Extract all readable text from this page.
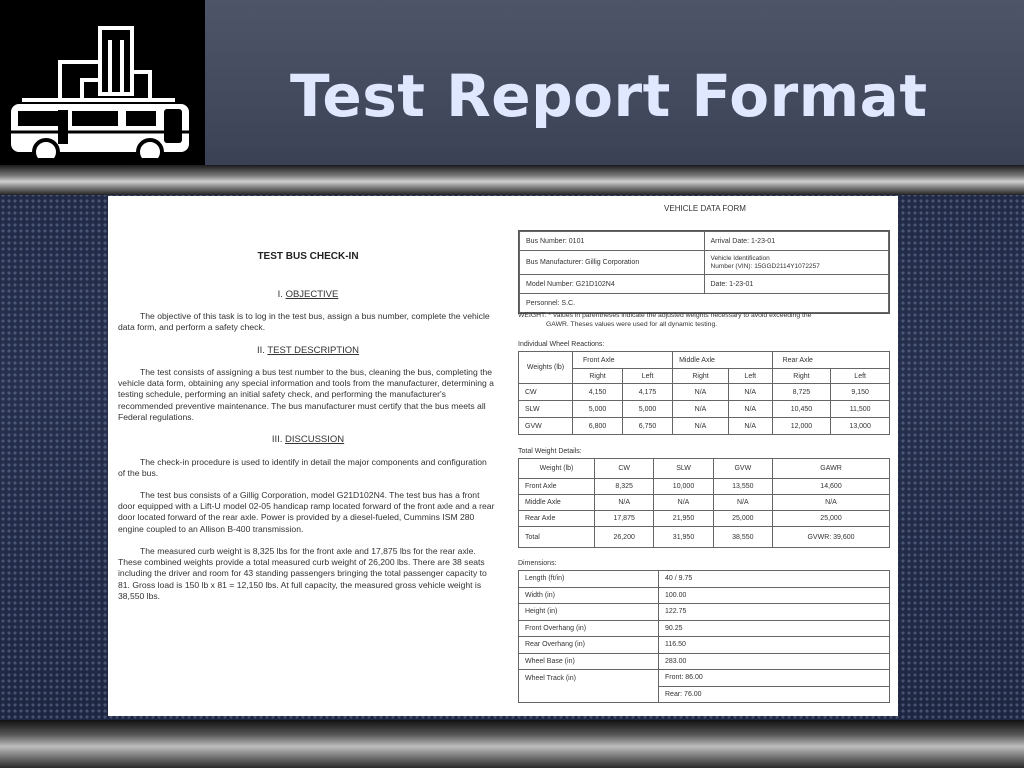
Test Report Format
TEST BUS CHECK-IN
I. OBJECTIVE
The objective of this task is to log in the test bus, assign a bus number, complete the vehicle data form, and perform a safety check.
II. TEST DESCRIPTION
The test consists of assigning a bus test number to the bus, cleaning the bus, completing the vehicle data form, obtaining any special information and tools from the manufacturer, determining a testing schedule, performing an initial safety check, and performing the manufacturer's recommended preventive maintenance. The bus manufacturer must certify that the bus meets all Federal regulations.
III. DISCUSSION
The check-in procedure is used to identify in detail the major components and configuration of the bus.
The test bus consists of a Gillig Corporation, model G21D102N4. The test bus has a front door equipped with a Lift-U model 02-05 handicap ramp located forward of the front axle and a rear door located forward of the rear axle. Power is provided by a diesel-fueled, Cummins ISM 280 engine coupled to an Allison B-400 transmission.
The measured curb weight is 8,325 lbs for the front axle and 17,875 lbs for the rear axle. These combined weights provide a total measured curb weight of 26,200 lbs. There are 38 seats including the driver and room for 43 standing passengers bringing the total passenger capacity to 81. Gross load is 150 lb x 81 = 12,150 lbs. At full capacity, the measured gross vehicle weight is 38,550 lbs.
VEHICLE DATA FORM
Bus Number: 0101	Arrival Date: 1-23-01
Bus Manufacturer: Gillig Corporation	Vehicle Identification
Number (VIN): 15GGD2114Y1072257

Model Number: G21D102N4	Date: 1-23-01
Personnel: S.C.	
WEIGHT: * Values in parentheses indicate the adjusted weights necessary to avoid exceeding the
GAWR. Theses values were used for all dynamic testing.
Individual Wheel Reactions:
Weights (lb)	Front Axle		Middle Axle		Rear Axle	
	Right	Left	Right	Left	Right	Left
CW	4,150	4,175	N/A	N/A	8,725	9,150
SLW	5,000	5,000	N/A	N/A	10,450	11,500
GVW	6,800	6,750	N/A	N/A	12,000	13,000
Total Weight Details:
Weight (lb)	CW	SLW	GVW	GAWR
Front Axle	8,325	10,000	13,550	14,600
Middle Axle	N/A	N/A	N/A	N/A
Rear Axle	17,875	21,950	25,000	25,000
Total	26,200	31,950	38,550	GVWR: 39,600
Dimensions:
Length (ft/in)	40 / 9.75
Width (in)	100.00
Height (in)	122.75
Front Overhang (in)	90.25
Rear Overhang (in)	116.50
Wheel Base (in)	283.00
Wheel Track (in)	Front: 86.00
	Rear: 76.00
